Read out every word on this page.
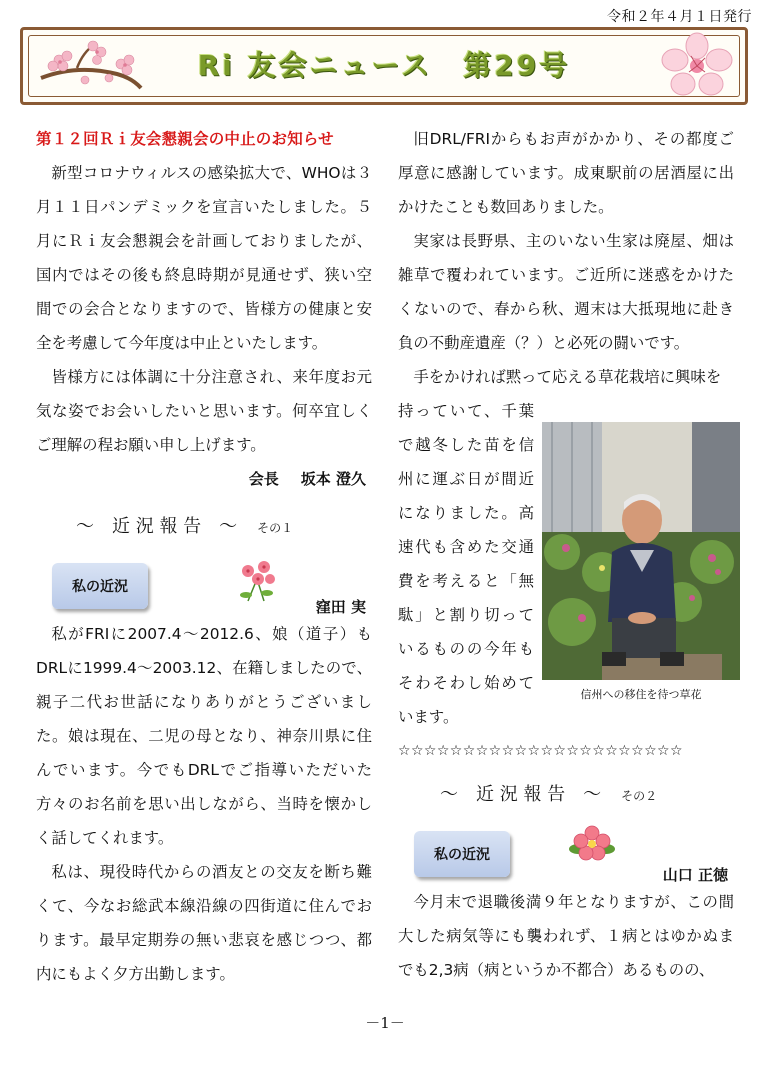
令和２年４月１日発行
Ri 友会ニュース　第29号
第１２回Ｒｉ友会懇親会の中止のお知らせ

新型コロナウィルスの感染拡大で、WHOは３月１１日パンデミックを宣言いたしました。５月にＲｉ友会懇親会を計画しておりましたが、国内ではその後も終息時期が見通せず、狭い空間での会合となりますので、皆様方の健康と安全を考慮して今年度は中止といたします。

皆様方には体調に十分注意され、来年度お元気な姿でお会いしたいと思います。何卒宜しくご理解の程お願い申し上げます。

会長 坂本 澄久
～　近 況 報 告　～ その１
私の近況
窪田 実

私がFRIに2007.4～2012.6、娘（道子）もDRLに1999.4～2003.12、在籍しましたので、親子二代お世話になりありがとうございました。娘は現在、二児の母となり、神奈川県に住んでいます。今でもDRLでご指導いただいた方々のお名前を思い出しながら、当時を懐かしく話してくれます。

私は、現役時代からの酒友との交友を断ち難くて、今なお総武本線沿線の四街道に住んでおります。最早定期券の無い悲哀を感じつつ、都内にもよく夕方出勤します。

旧DRL/FRIからもお声がかかり、その都度ご厚意に感謝しています。成東駅前の居酒屋に出かけたことも数回ありました。

実家は長野県、主のいない生家は廃屋、畑は雑草で覆われています。ご近所に迷惑をかけたくないので、春から秋、週末は大抵現地に赴き負の不動産遺産（？）と必死の闘いです。

手をかければ黙って応える草花栽培に興味を

持っていて、千葉で越冬した苗を信州に運ぶ日が間近になりました。高速代も含めた交通費を考えると「無駄」と割り切っているものの今年もそわそわし始めています。

信州への移住を待つ草花
☆☆☆☆☆☆☆☆☆☆☆☆☆☆☆☆☆☆☆☆☆☆
～　近 況 報 告　～ その２
私の近況
山口 正徳

今月末で退職後満９年となりますが、この間大した病気等にも襲われず、１病とはゆかぬまでも2,3病（病というか不都合）あるものの、

－1－
